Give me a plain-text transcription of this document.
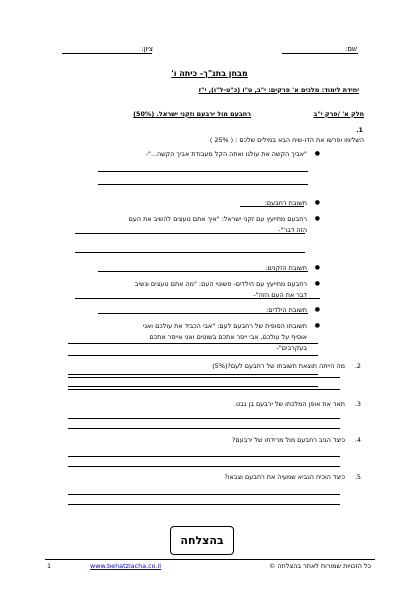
שם:
ציון:
מבחן בתנ"ך- כיתה ו'
יחידת לימוד: מלכים א' פרקים: י"ב, ט"ו (כ"ט-ל"ו), י"ז
חלק א' /פרק י"ב
רחבעם מול ירבעם וזקני ישראל. (50%)
1.
השלימו ופרשו את הדו-שיח הבא במילים שלכם : ( 25% )
●
"אביך הקשה את עולנו ואתה הקל מעבודת אביך הקשה..."-
●
תשובת רחבעם:
●
רחבעם מתייעץ עם זקני ישראל: "איך אתם נועצים להשיב את העם
הזה דבר"-
●
תשובת הזקנים:
●
רחבעם מתייעץ עם הילדים- פשוטי העם: "מה אתם נועצים ונשיב
דבר את העם הזה"-
●
תשובת הילדים:
●
תשובתו הסופית של רחבעם לעם: "אבי הכביד את עולכם ואני
אוסיף על עולכם, אבי ייסר אתכם בשוטים ואני אייסר אתכם
בעקרבים"-
2.
מה הייתה תוצאת תשובתו של רחבעם לעם?(5%)
3.
תאר את אופן המלכתו של ירבעם בן נבט.
4.
כיצד הגיב רחבעם מול מרידתו של ירבעם?
5.
כיצד הוכיח הנביא שמעיה את רחבעם וצבאו?
בהצלחה
כל הזכויות שמורות לאתר בהצלחה ©
www.behatzlacha.co.il
1
